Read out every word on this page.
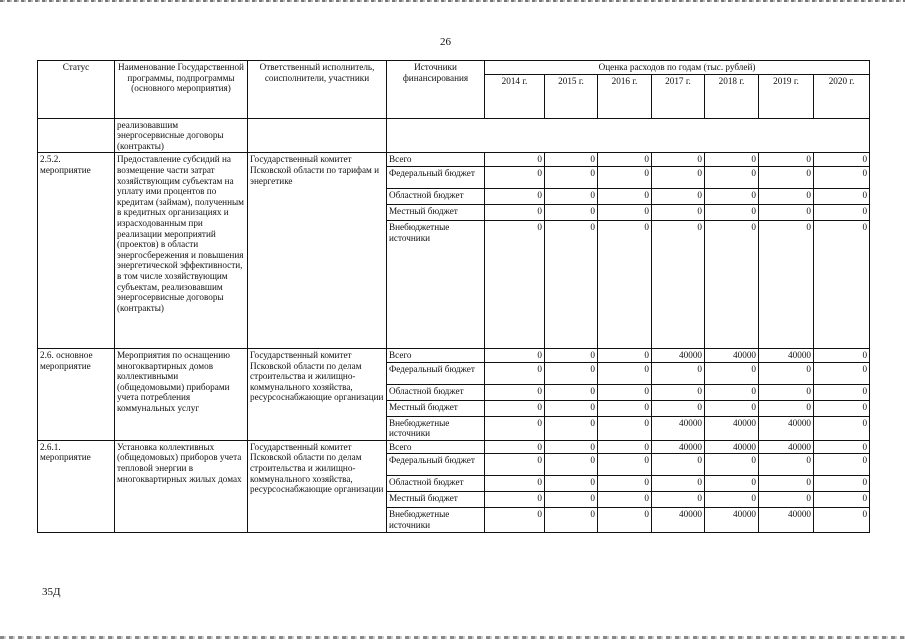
26
Статус	Наименование Государственной программы, подпрограммы (основного мероприятия)	Ответственный исполнитель, соисполнители, участники	Источники финансирования	Оценка расходов по годам (тыс. рублей)						
				2014 г.	2015 г.	2016 г.	2017 г.	2018 г.	2019 г.	2020 г.
	реализовавшим энергосервисные договоры (контракты)									
2.5.2. мероприятие	Предоставление субсидий на возмещение части затрат хозяйствующим субъектам на уплату ими процентов по кредитам (займам), полученным в кредитных организациях и израсходованным при реализации мероприятий (проектов) в области энергосбережения и повышения энергетической эффективности, в том числе хозяйствующим субъектам, реализовавшим энергосервисные договоры (контракты)	Государственный комитет Псковской области по тарифам и энергетике	Всего	0	0	0	0	0	0	0
			Федеральный бюджет	0	0	0	0	0	0	0
			Областной бюджет	0	0	0	0	0	0	0
			Местный бюджет	0	0	0	0	0	0	0
			Внебюджетные источники	0	0	0	0	0	0	0
2.6. основное мероприятие	Мероприятия по оснащению многоквартирных домов коллективными (общедомовыми) приборами учета потребления коммунальных услуг	Государственный комитет Псковской области по делам строительства и жилищно-коммунального хозяйства, ресурсоснабжающие организации	Всего	0	0	0	40000	40000	40000	0
			Федеральный бюджет	0	0	0	0	0	0	0
			Областной бюджет	0	0	0	0	0	0	0
			Местный бюджет	0	0	0	0	0	0	0
			Внебюджетные источники	0	0	0	40000	40000	40000	0
2.6.1. мероприятие	Установка коллективных (общедомовых) приборов учета тепловой энергии в многоквартирных жилых домах	Государственный комитет Псковской области по делам строительства и жилищно-коммунального хозяйства, ресурсоснабжающие организации	Всего	0	0	0	40000	40000	40000	0
			Федеральный бюджет	0	0	0	0	0	0	0
			Областной бюджет	0	0	0	0	0	0	0
			Местный бюджет	0	0	0	0	0	0	0
			Внебюджетные источники	0	0	0	40000	40000	40000	0
35Д
